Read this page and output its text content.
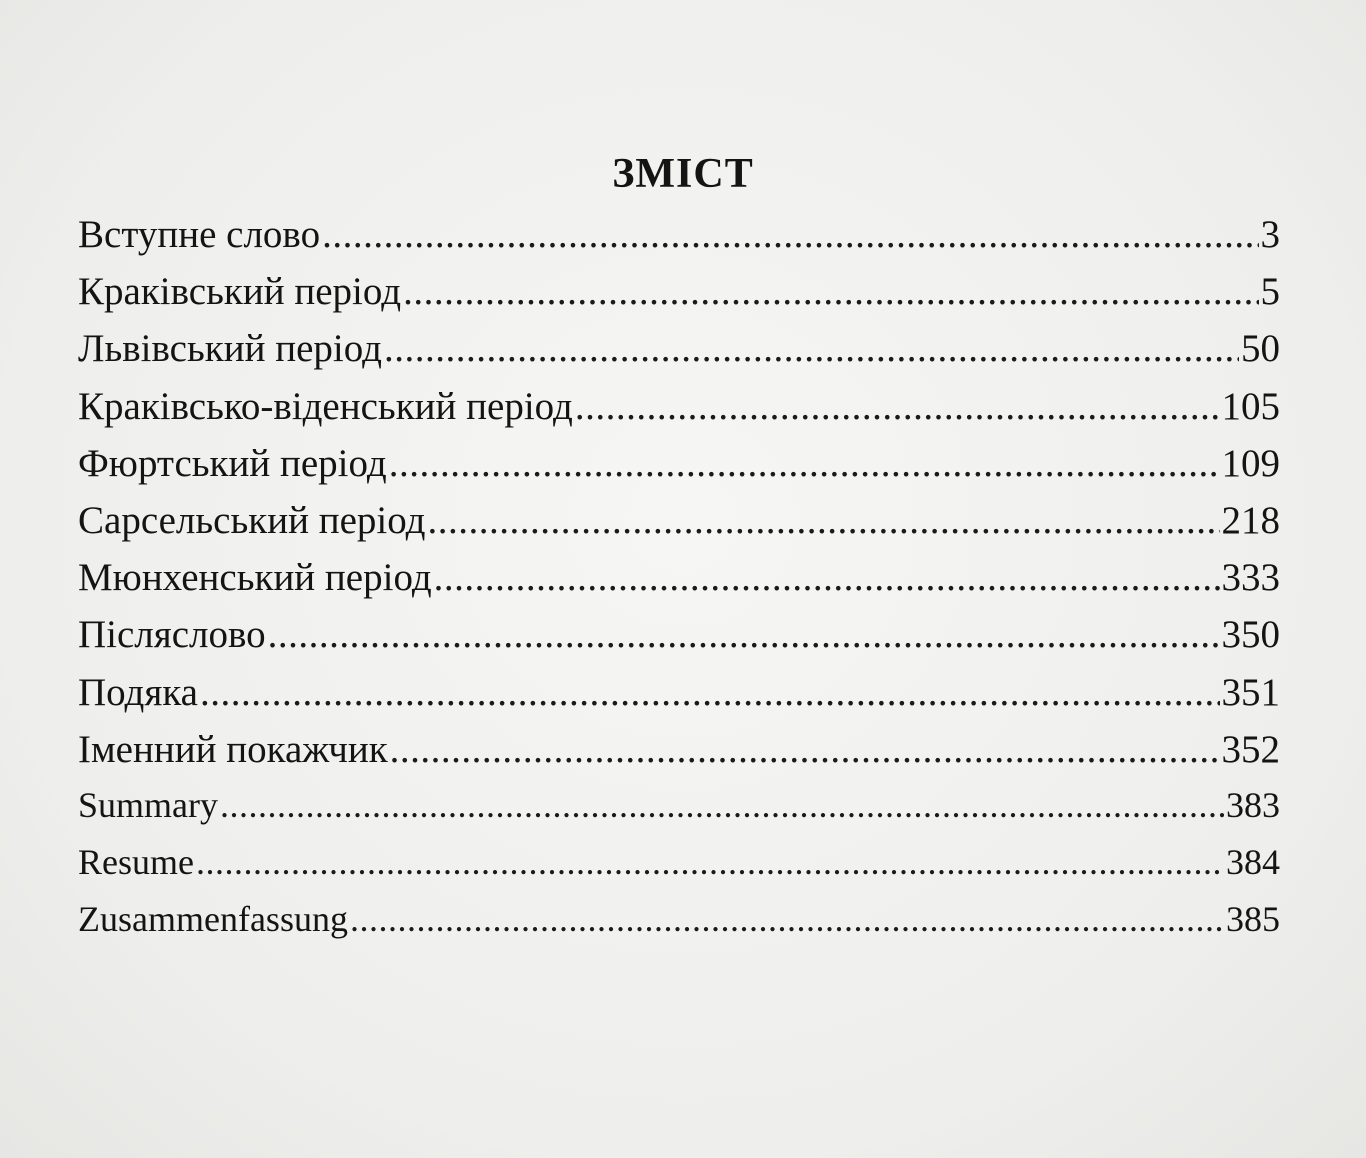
ЗМІСТ
Вступне слово .....	3
Краківський період .....	5
Львівський період .....	50
Краківсько-віденський період .....	105
Фюртський період .....	109
Сарсельський період .....	218
Мюнхенський період .....	333
Післяслово .....	350
Подяка .....	351
Іменний покажчик .....	352
Summary .....	383
Resume .....	384
Zusammenfassung .....	385
